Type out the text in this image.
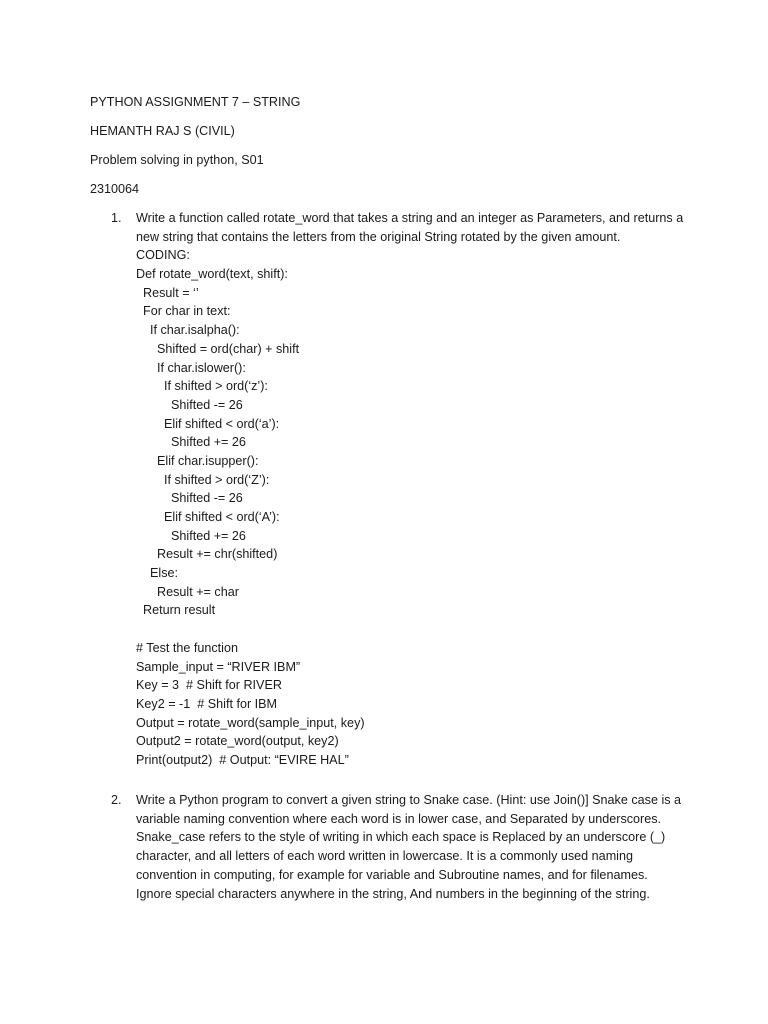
PYTHON ASSIGNMENT 7 – STRING
HEMANTH RAJ S (CIVIL)
Problem solving in python, S01
2310064
1. Write a function called rotate_word that takes a string and an integer as Parameters, and returns a new string that contains the letters from the original String rotated by the given amount.
CODING:
Def rotate_word(text, shift):
Result = ‘’
For char in text:
If char.isalpha():
Shifted = ord(char) + shift
If char.islower():
If shifted > ord(‘z’):
Shifted -= 26
Elif shifted < ord(‘a’):
Shifted += 26
Elif char.isupper():
If shifted > ord(‘Z’):
Shifted -= 26
Elif shifted < ord(‘A’):
Shifted += 26
Result += chr(shifted)
Else:
Result += char
Return result
# Test the function
Sample_input = “RIVER IBM”
Key = 3  # Shift for RIVER
Key2 = -1  # Shift for IBM
Output = rotate_word(sample_input, key)
Output2 = rotate_word(output, key2)
Print(output2)  # Output: “EVIRE HAL”
2. Write a Python program to convert a given string to Snake case. (Hint: use Join()] Snake case is a variable naming convention where each word is in lower case, and Separated by underscores. Snake_case refers to the style of writing in which each space is Replaced by an underscore (_) character, and all letters of each word written in lowercase. It is a commonly used naming convention in computing, for example for variable and Subroutine names, and for filenames. Ignore special characters anywhere in the string, And numbers in the beginning of the string.
